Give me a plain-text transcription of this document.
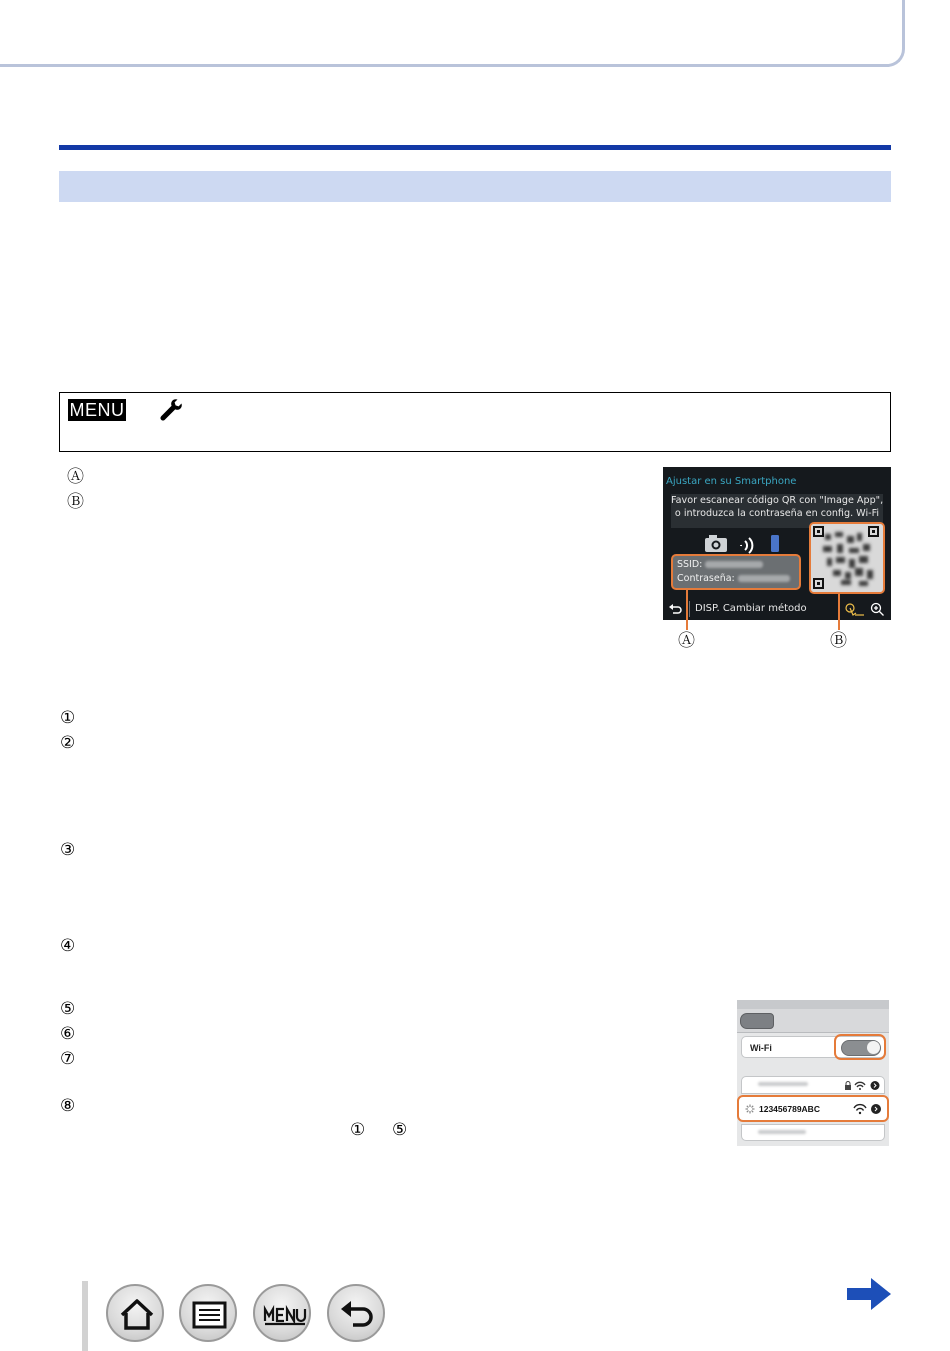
MENU
Ⓐ
Ⓑ
Ajustar en su Smartphone
Favor escanear código QR con "Image App",
o introduzca la contraseña en config. Wi-Fi
SSID:
Contraseña:
DISP. Cambiar método
Ⓐ	Ⓑ
①
②
③
④
⑤
⑥
⑦
⑧
① ⑤
Wi-Fi
123456789ABC
